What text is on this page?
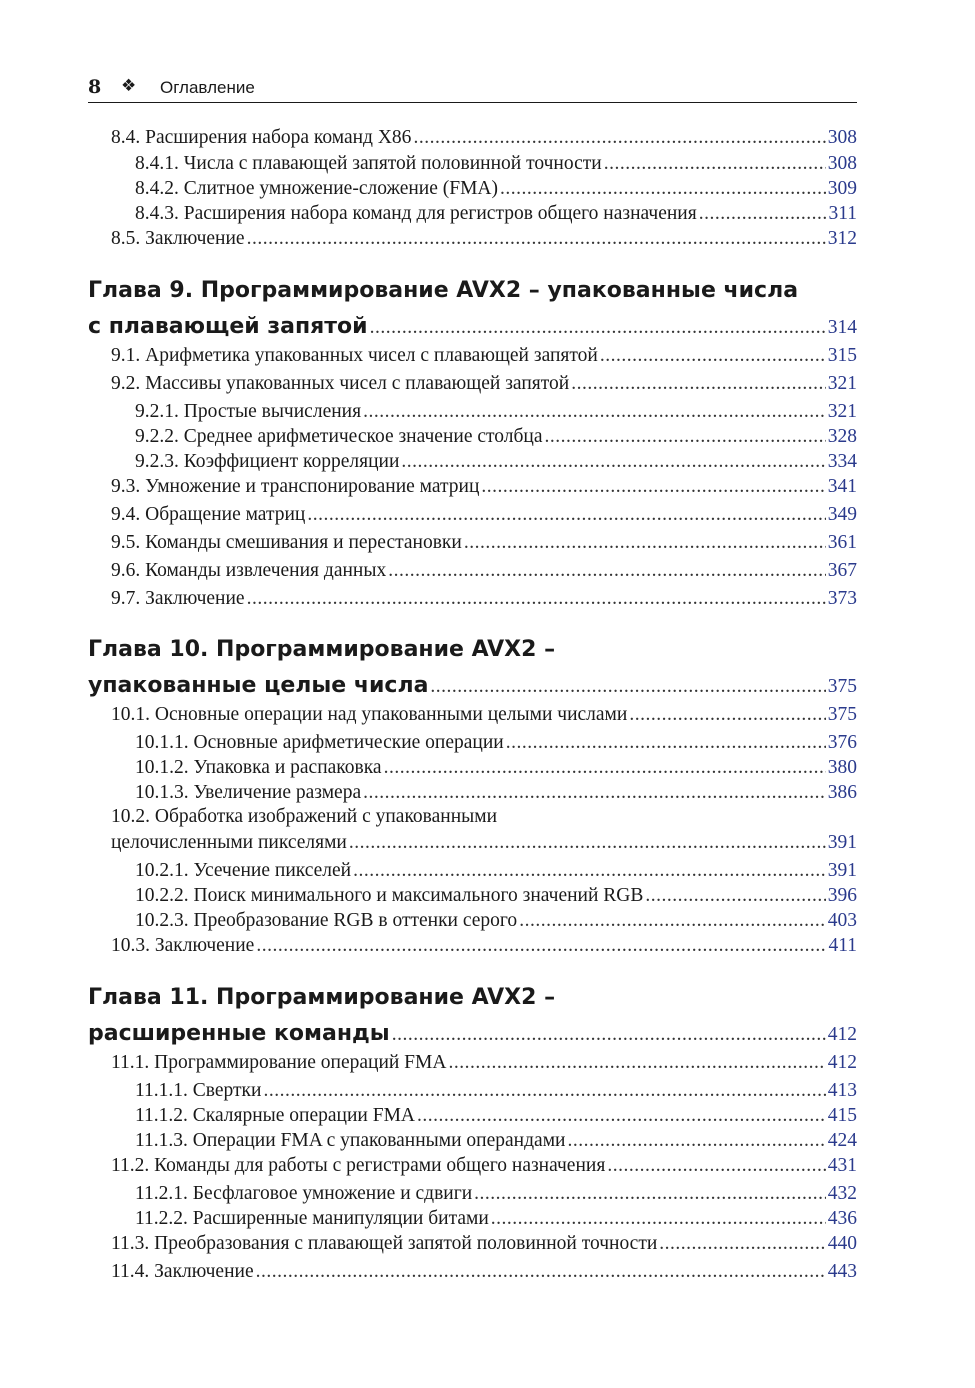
8 ❖ Оглавление
8.4. Расширения набора команд X86 .....	308
8.4.1. Числа с плавающей запятой половинной точности .....	308
8.4.2. Слитное умножение-сложение (FMA) .....	309
8.4.3. Расширения набора команд для регистров общего назначения .....	311
8.5. Заключение .....	312
Глава 9. Программирование AVX2 – упакованные числа
с плавающей запятой .....	314
9.1. Арифметика упакованных чисел с плавающей запятой .....	315
9.2. Массивы упакованных чисел с плавающей запятой .....	321
9.2.1. Простые вычисления .....	321
9.2.2. Среднее арифметическое значение столбца .....	328
9.2.3. Коэффициент корреляции .....	334
9.3. Умножение и транспонирование матриц .....	341
9.4. Обращение матриц .....	349
9.5. Команды смешивания и перестановки .....	361
9.6. Команды извлечения данных .....	367
9.7. Заключение .....	373
Глава 10. Программирование AVX2 –
упакованные целые числа .....	375
10.1. Основные операции над упакованными целыми числами .....	375
10.1.1. Основные арифметические операции .....	376
10.1.2. Упаковка и распаковка .....	380
10.1.3. Увеличение размера .....	386
10.2. Обработка изображений с упакованными
целочисленными пикселями .....	391
10.2.1. Усечение пикселей .....	391
10.2.2. Поиск минимального и максимального значений RGB .....	396
10.2.3. Преобразование RGB в оттенки серого .....	403
10.3. Заключение .....	411
Глава 11. Программирование AVX2 –
расширенные команды .....	412
11.1. Программирование операций FMA .....	412
11.1.1. Свертки .....	413
11.1.2. Скалярные операции FMA .....	415
11.1.3. Операции FMA с упакованными операндами .....	424
11.2. Команды для работы с регистрами общего назначения .....	431
11.2.1. Бесфлаговое умножение и сдвиги .....	432
11.2.2. Расширенные манипуляции битами .....	436
11.3. Преобразования с плавающей запятой половинной точности .....	440
11.4. Заключение .....	443
